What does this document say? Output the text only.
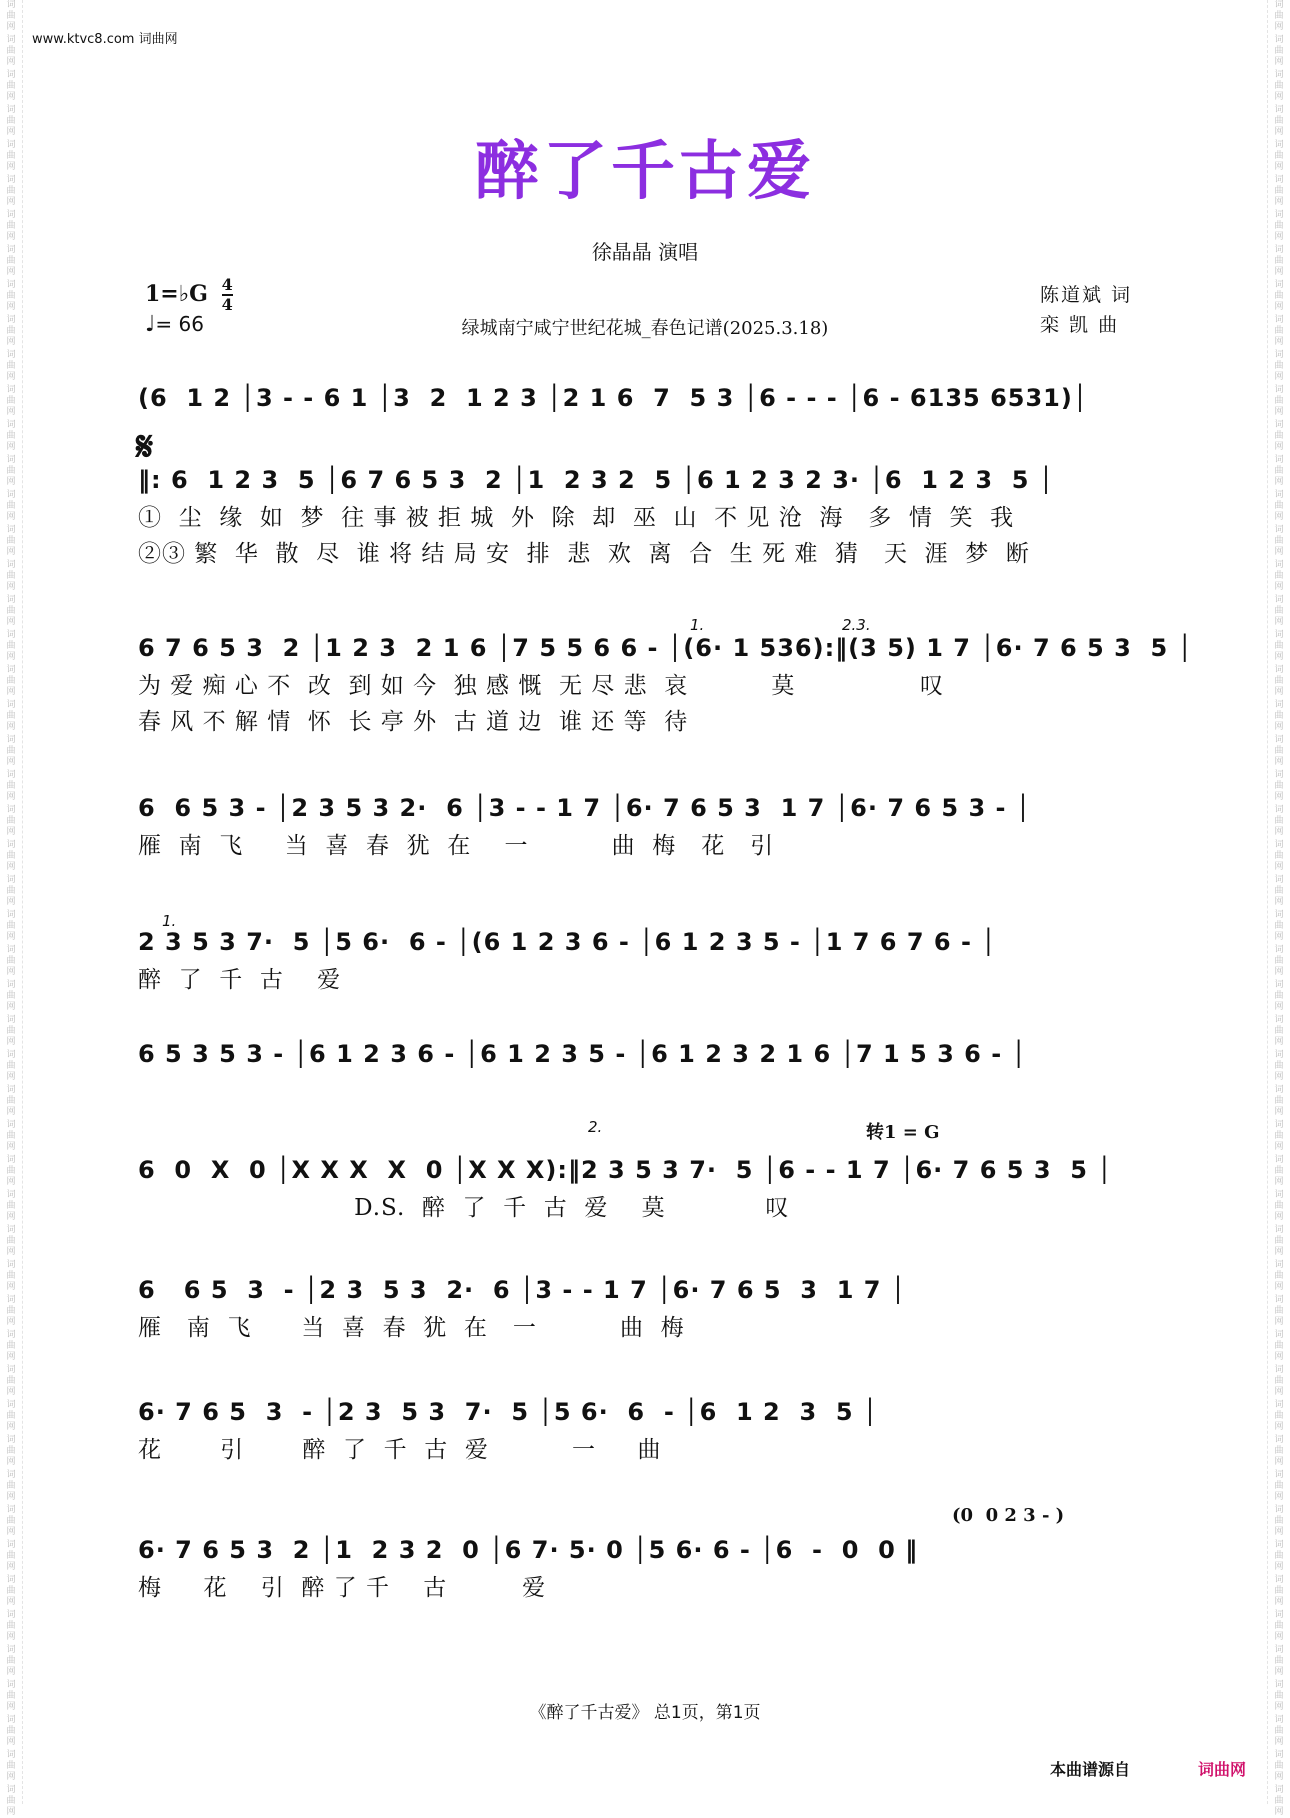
词
曲
网
词
曲
网
词
曲
网
词
曲
网
词
曲
网
词
曲
网
词
曲
网
词
曲
网
词
曲
网
词
曲
网
词
曲
网
词
曲
网
词
曲
网
词
曲
网
词
曲
网
词
曲
网
词
曲
网
词
曲
网
词
曲
网
词
曲
网
词
曲
网
词
曲
网
词
曲
网
词
曲
网
词
曲
网
词
曲
网
词
曲
网
词
曲
网
词
曲
网
词
曲
网
词
曲
网
词
曲
网
词
曲
网
词
曲
网
词
曲
网
词
曲
网
词
曲
网
词
曲
网
词
曲
网
词
曲
网
词
曲
网
词
曲
网
词
曲
网
词
曲
网
词
曲
网
词
曲
网
词
曲
网
词
曲
网
词
曲
网
词
曲
网
词
曲
网
词
曲
网
词
曲
网
词
曲
网
词
曲
网
词
曲
网
词
曲
网
词
曲
网
词
曲
网
词
曲
网
词
曲
网
词
曲
网
词
曲
网
词
曲
网
词
曲
网
词
曲
网
词
曲
网
词
曲
网
词
曲
网
词
曲
网
词
曲
网
词
曲
网
词
曲
网
词
曲
网
词
曲
网
词
曲
网
词
曲
网
词
曲
网
词
曲
网
词
曲
网
词
曲
网
词
曲
网
词
曲
网
词
曲
网
词
曲
网
词
曲
网
词
曲
网
词
曲
网
词
曲
网
词
曲
网
词
曲
网
词
曲
网
词
曲
网
词
曲
网
词
曲
网
词
曲
网
词
曲
网
词
曲
网
词
曲
网
词
曲
网
词
曲
网
词
曲
网
词
曲
网
词
曲
网
www.ktvc8.com 词曲网
醉了千古爱
徐晶晶 演唱
1=♭G $\frac{4}{4}$
♩= 66	绿城南宁咸宁世纪花城_春色记谱(2025.3.18)
陈道斌 词
栾 凯 曲
𝄋
(6  1 2 │3 - - 6 1 │3  2  1 2 3 │2 1 6  7  5 3 │6 - - - │6 - 6135 6531)│
‖: 6  1 2 3  5 │6 7 6 5 3  2 │1  2 3 2  5 │6 1 2 3 2 3· │6  1 2 3  5 │
①  尘  缘  如  梦  往 事 被 拒 城  外  除  却  巫  山  不 见 沧  海   多  情  笑  我
②③ 繁  华  散  尽  谁 将 结 局 安  排  悲  欢  离  合  生 死 难  猜   天  涯  梦  断
6 7 6 5 3  2 │1 2 3  2 1 6 │7 5 5 6 6 - │(6· 1 536):‖(3 5) 1 7 │6· 7 6 5 3  5 │
为 爱 痴 心 不  改  到 如 今  独 感 慨  无 尽 悲  哀          莫               叹
春 风 不 解 情  怀  长 亭 外  古 道 边  谁 还 等  待
6  6 5 3 - │2 3 5 3 2·  6 │3 - - 1 7 │6· 7 6 5 3  1 7 │6· 7 6 5 3 - │
雁  南  飞     当  喜  春  犹  在    一          曲  梅   花   引
2 3 5 3 7·  5 │5 6·  6 - │(6 1 2 3 6 - │6 1 2 3 5 - │1 7 6 7 6 - │
醉  了  千  古    爱
6 5 3 5 3 - │6 1 2 3 6 - │6 1 2 3 5 - │6 1 2 3 2 1 6 │7 1 5 3 6 - │
6  0  X  0 │X X X  X  0 │X X X):‖2 3 5 3 7·  5 │6 - - 1 7 │6· 7 6 5 3  5 │
D.S.  醉  了  千  古  爱    莫            叹
6   6 5  3  - │2 3  5 3  2·  6 │3 - - 1 7 │6· 7 6 5  3  1 7 │
雁   南  飞      当  喜  春  犹  在   一          曲  梅
6· 7 6 5  3  - │2 3  5 3  7·  5 │5 6·  6  - │6  1 2  3  5 │
花       引       醉  了  千  古  爱          一     曲
6· 7 6 5 3  2 │1  2 3 2  0 │6 7· 5· 0 │5 6· 6 - │6  -  0  0 ‖
梅     花    引  醉 了 千    古         爱
1.	2.3.
1.
2.	转1 = G
(0  0 2 3 - )
《醉了千古爱》 总1页，第1页
本曲谱源自	词曲网
